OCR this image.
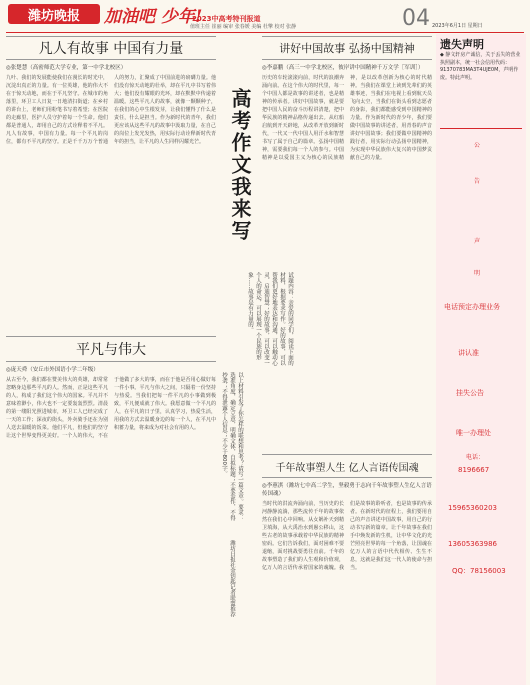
潍坊晚报	加油吧 少年!
2023中高考特刊报道
值班主任 崔丽 编审 张春媛 美编 杜擎 校对 张静	04 2023年6月1日 星期日
凡人有故事 中国有力量
◎张楚慧（高密师范大学专业，第一中学北校区）
九叶、我们的发展能使我们在漫长的时光中，沉淀出真正的力量。有一位英雄，他的伟大不在于惊天动地，而在于平凡坚守。在城市的角落里，环卫工人日复一日地清扫街道；在乡村的讲台上，老师们用粉笔书写着希望；在医院的走廊里，医护人员守护着每一个生命。他们都是普通人，却用自己的方式诠释着不平凡。凡人有故事，中国有力量。每一个平凡的岗位，都有不平凡的坚守。正是千千万万个普通人的努力，汇聚成了中国前进的磅礴力量。他们没有惊天动地的壮举，却在平凡中书写着伟大；他们没有耀眼的光环，却在默默中传递着温暖。这些平凡人的故事，就像一颗颗种子，在我们的心中生根发芽，让我们懂得了什么是责任，什么是担当。作为新时代的青年，我们更应该从这些平凡的故事中汲取力量，在自己的岗位上发光发热，用实际行动诠释新时代青年的担当，让平凡的人生同样闪耀光芒。
平凡与伟大
◎庞天舜（安丘市外国语小学二年级）
从古至今，我们都在赞美伟大的英雄，却常常忽略身边那些平凡的人。然而，正是这些平凡的人，构成了我们这个伟大的国家。平凡并不意味着渺小，伟大也不一定要轰轰烈烈。清晨的第一缕阳光照进城市，环卫工人已经完成了一天的工作；深夜的街头，外卖骑手还在为别人送去温暖的饭菜。他们平凡，但他们的坚守让这个世界变得更美好。一个人的伟大，不在于他做了多大的事，而在于他是否用心做好每一件小事。平凡与伟大之间，只隔着一份坚持与热爱。当我们把每一件平凡的小事做到极致，平凡便成就了伟大。我愿意做一个平凡的人，在平凡的日子里，认真学习，热爱生活，用我的方式去温暖身边的每一个人，在平凡中积蓄力量，将来成为对社会有用的人。
高考作文我来写
试题内容：亲爱的同学们，阅读下面的材料，根据要求写作。好的故事，可以帮我们更好地表达和沟通，可以触动心灵、启迪智慧；好的故事，可以改变一个人的命运，可以展现一个民族的形象……故事是有力量的。
以上材料引发了你怎样的联想和思考？请写一篇文章。要求：选准角度，确定立意，明确文体，自拟标题；不要套作，不得抄袭；不得泄露个人信息；不少于800字。
潍坊日报社金钥匙记者联盟推荐
讲好中国故事 弘扬中国精神
◎李嘉鹏（高三一中学北校区，彼岸讲中国精神千万文学［军训］）
历史的车轮滚滚向前，时代的浪潮奔涌向前。在这个伟大的时代里，每一个中国人都是故事的讲述者，也是精神的传承者。讲好中国故事，就是要把中国人民的奋斗历程讲清楚，把中华民族的精神品格传递出去。从红船启航到开天辟地，从改革开放到新时代，一代又一代中国人用汗水和智慧书写了属于自己的篇章。弘扬中国精神，需要我们每一个人的参与。中国精神是以爱国主义为核心的民族精神，是以改革创新为核心的时代精神。当我们在课堂上读到先辈们的英雄事迹，当我们在电视上看到航天员飞向太空，当我们在街头看到志愿者的身影，我们都能感受到中国精神的力量。作为新时代的青少年，我们要做中国故事的讲述者，用青春的声音讲好中国故事；我们要做中国精神的践行者，用实际行动弘扬中国精神，为实现中华民族伟大复兴的中国梦贡献自己的力量。
千年故事塑人生 亿人言语传国魂
◎李蕙淇（潍坊七中高二学生，坚毅勇于志向千年故事塑人生亿人言语传国魂）
当时代的洪流奔涌向前，当历史的长河静静流淌，那些流传千年的故事依然在我们心中回响。从女娲补天到精卫填海，从大禹治水到愚公移山，这些古老的故事承载着中华民族的精神密码。它们告诉我们，面对困难不要退缩，面对挑战要勇往直前。千年的故事塑造了我们的人生观和价值观，亿万人的言语传承着国家的魂魄。我们是故事的聆听者，也是故事的传承者。在新时代的征程上，我们要用自己的声音讲述中国故事，用自己的行动书写新的篇章。让千年故事在我们手中焕发新的生机，让中华文化的光芒照亮世界的每一个角落，让国魂在亿万人的言语中代代相传、生生不息，这就是我们这一代人的使命与担当。
遗失声明
◆ 静文轩房产诚信，关于丢失的营业执照副本，统一社会信用代码：91370783MA3T4UJE0M，声明作废。特此声明。
公
告
声
明
电话预定办理业务
讲认准
挂失公告
唯一办理处
电话：
8196667
15965360203
13605363986
QQ：78156003
